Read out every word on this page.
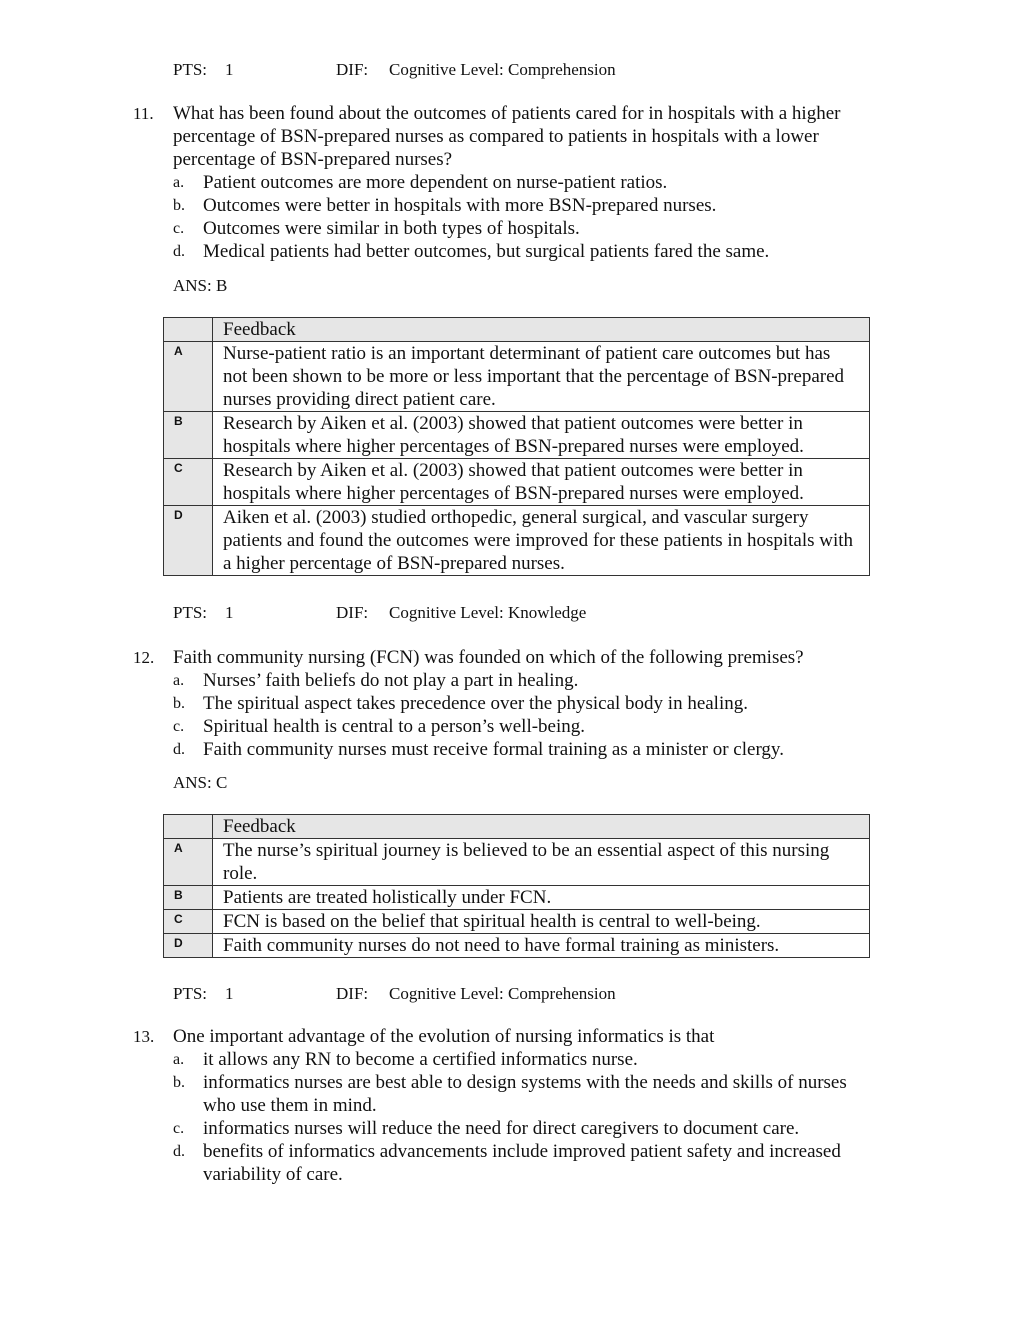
PTS: 1	DIF: Cognitive Level: Comprehension
11. What has been found about the outcomes of patients cared for in hospitals with a higher percentage of BSN-prepared nurses as compared to patients in hospitals with a lower percentage of BSN-prepared nurses?
a. Patient outcomes are more dependent on nurse-patient ratios.
b. Outcomes were better in hospitals with more BSN-prepared nurses.
c. Outcomes were similar in both types of hospitals.
d. Medical patients had better outcomes, but surgical patients fared the same.
ANS: B
	Feedback
A	Nurse-patient ratio is an important determinant of patient care outcomes but has not been shown to be more or less important that the percentage of BSN-prepared nurses providing direct patient care.
B	Research by Aiken et al. (2003) showed that patient outcomes were better in hospitals where higher percentages of BSN-prepared nurses were employed.
C	Research by Aiken et al. (2003) showed that patient outcomes were better in hospitals where higher percentages of BSN-prepared nurses were employed.
D	Aiken et al. (2003) studied orthopedic, general surgical, and vascular surgery patients and found the outcomes were improved for these patients in hospitals with a higher percentage of BSN-prepared nurses.
PTS: 1	DIF: Cognitive Level: Knowledge
12. Faith community nursing (FCN) was founded on which of the following premises?
a. Nurses’ faith beliefs do not play a part in healing.
b. The spiritual aspect takes precedence over the physical body in healing.
c. Spiritual health is central to a person’s well-being.
d. Faith community nurses must receive formal training as a minister or clergy.
ANS: C
	Feedback
A	The nurse’s spiritual journey is believed to be an essential aspect of this nursing role.
B	Patients are treated holistically under FCN.
C	FCN is based on the belief that spiritual health is central to well-being.
D	Faith community nurses do not need to have formal training as ministers.
PTS: 1	DIF: Cognitive Level: Comprehension
13. One important advantage of the evolution of nursing informatics is that
a. it allows any RN to become a certified informatics nurse.
b. informatics nurses are best able to design systems with the needs and skills of nurses who use them in mind.
c. informatics nurses will reduce the need for direct caregivers to document care.
d. benefits of informatics advancements include improved patient safety and increased variability of care.
